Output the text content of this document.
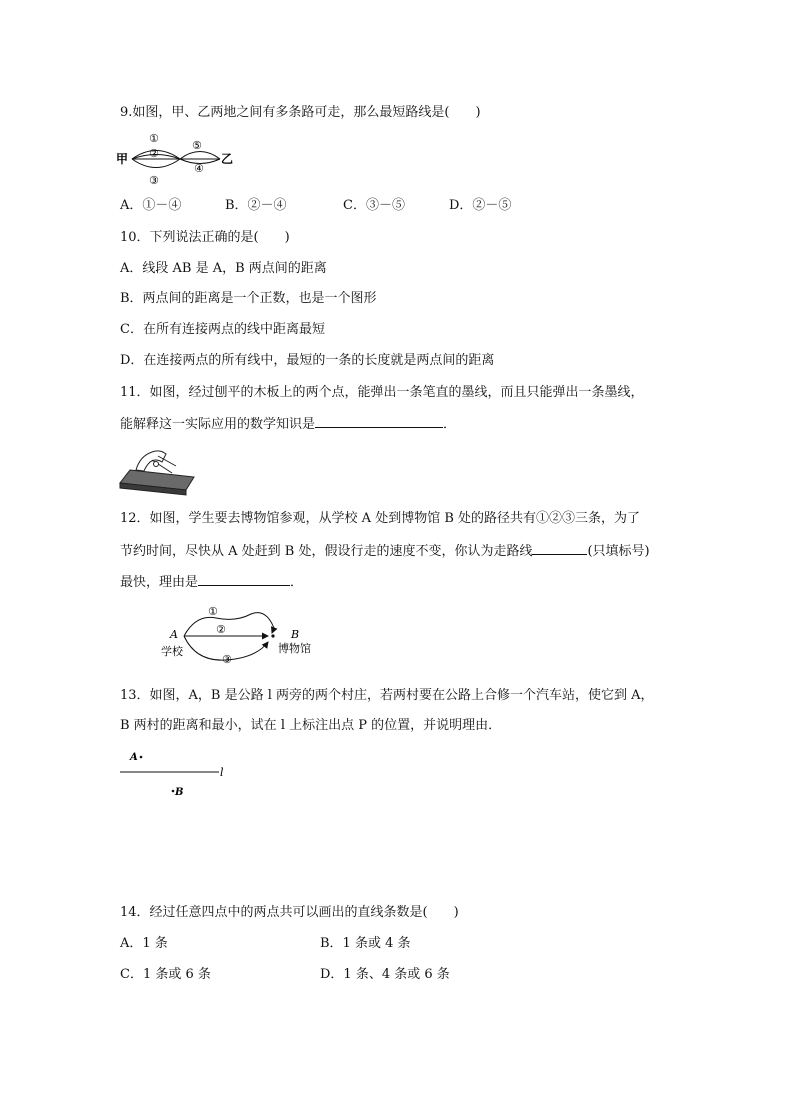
9.如图，甲、乙两地之间有多条路可走，那么最短路线是(　　)
甲	乙
①
②
③
④
⑤
A．①－④	B．②－④	C．③－⑤	D．②－⑤
10．下列说法正确的是(　　)
A．线段 AB 是 A，B 两点间的距离
B．两点间的距离是一个正数，也是一个图形
C．在所有连接两点的线中距离最短
D．在连接两点的所有线中，最短的一条的长度就是两点间的距离
11．如图，经过刨平的木板上的两个点，能弹出一条笔直的墨线，而且只能弹出一条墨线，
能解释这一实际应用的数学知识是	．
12．如图，学生要去博物馆参观，从学校 A 处到博物馆 B 处的路径共有①②③三条，为了
节约时间，尽快从 A 处赶到 B 处，假设行走的速度不变，你认为走路线	(只填标号)
最快，理由是	．
A
学校
B
博物馆
①
②
③
13．如图，A，B 是公路 l 两旁的两个村庄，若两村要在公路上合修一个汽车站，使它到 A，
B 两村的距离和最小，试在 l 上标注出点 P 的位置，并说明理由．
l
A
B
14．经过任意四点中的两点共可以画出的直线条数是(　　)
A．1 条	B．1 条或 4 条
C．1 条或 6 条	D．1 条、4 条或 6 条
